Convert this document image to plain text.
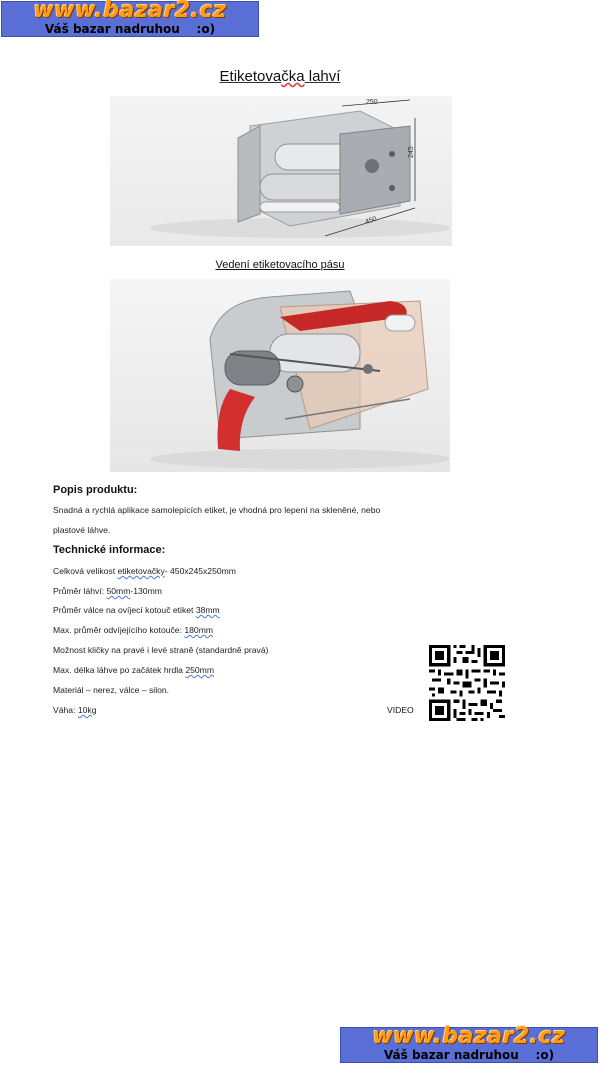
www.bazar2.cz
Váš bazar nadruhou    :o)
Etiketovačka lahví
250
245
450
Vedení etiketovacího pásu
Popis produktu:
Snadná a rychlá aplikace samolepících etiket, je vhodná pro lepení na skleněné, nebo
plastové láhve.
Technické informace:
Celková velikost etiketovačky- 450x245x250mm
Průměr láhví: 50mm-130mm
Průměr válce na ovíjecí kotouč etiket 38mm
Max. průměr odvíjejícího kotouče: 180mm
Možnost kličky na pravé i levé straně (standardně pravá)
Max. délka láhve po začátek hrdla 250mm
Materiál – nerez, válce – silon.
Váha: 10kg	VIDEO
www.bazar2.cz
Váš bazar nadruhou    :o)
